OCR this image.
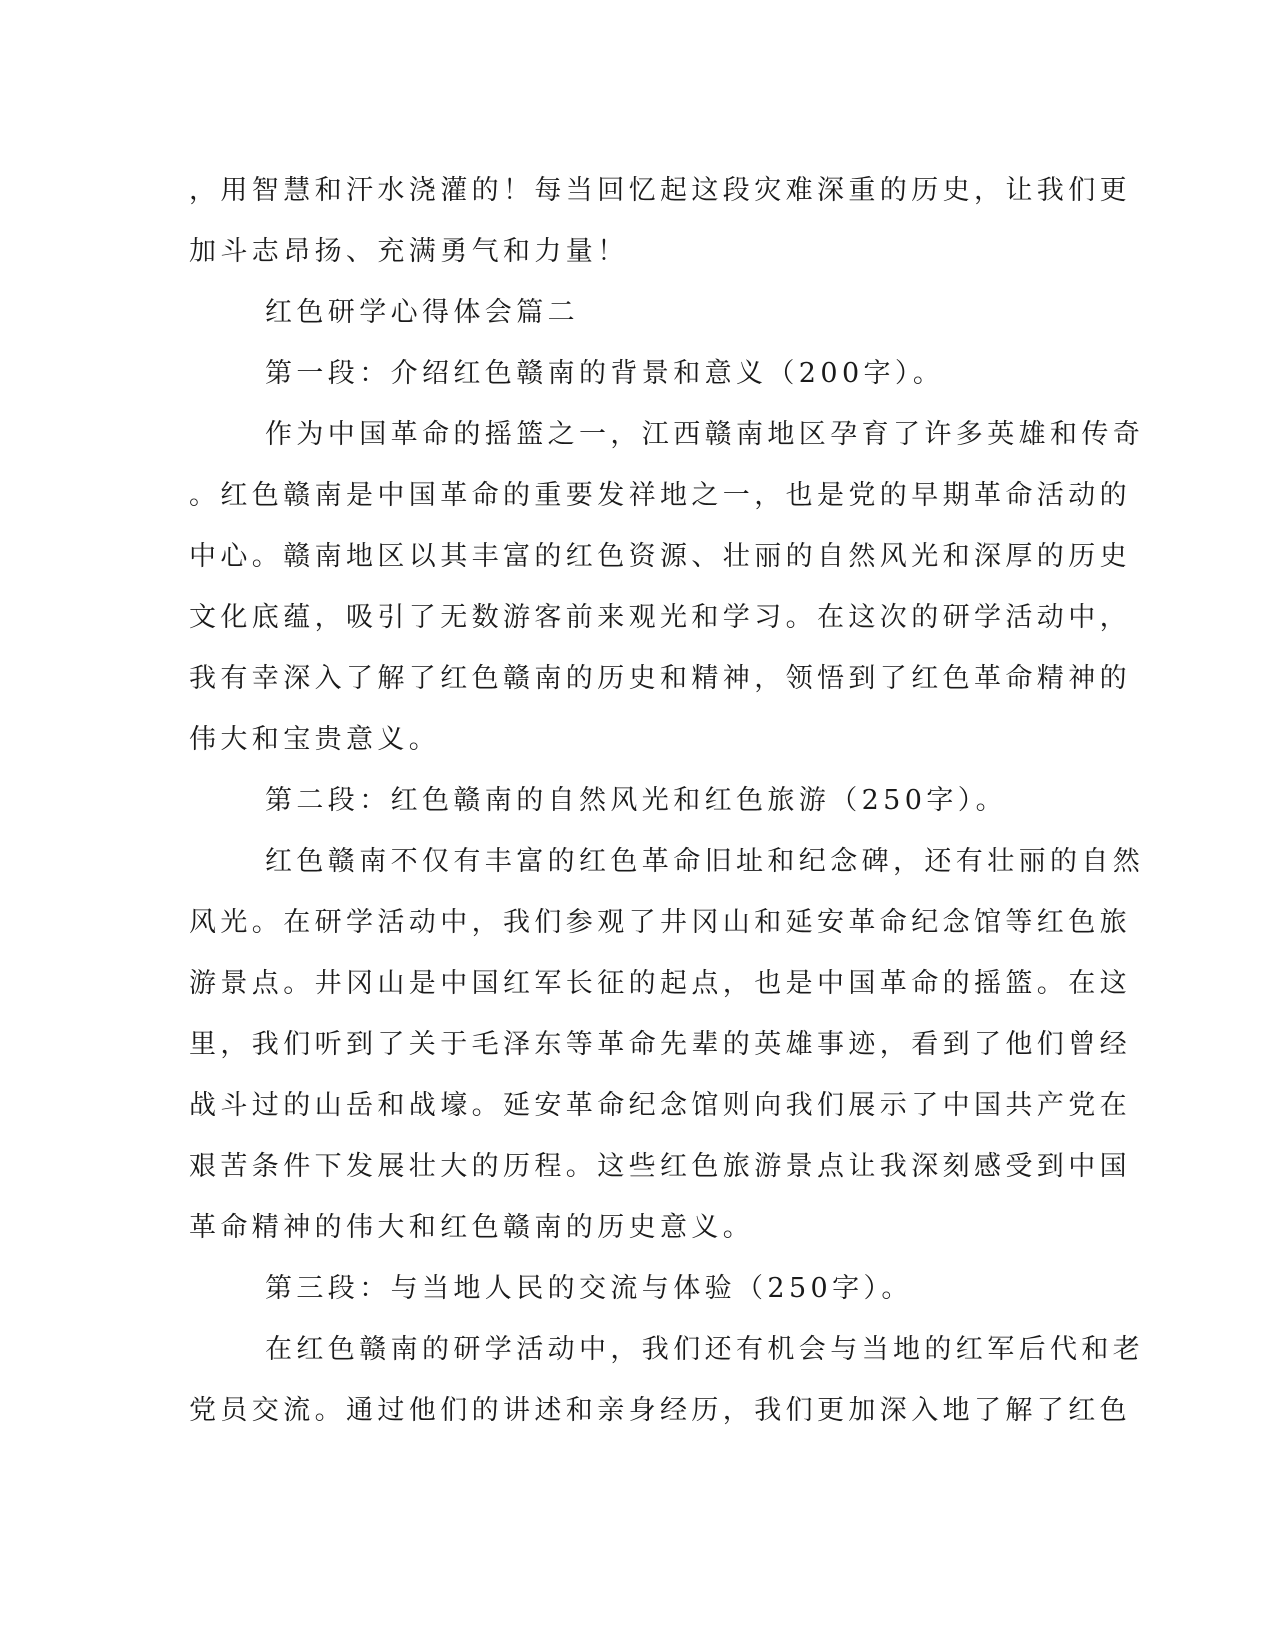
，用智慧和汗水浇灌的！每当回忆起这段灾难深重的历史，让我们更
加斗志昂扬、充满勇气和力量！
红色研学心得体会篇二
第一段：介绍红色赣南的背景和意义（200字）。
作为中国革命的摇篮之一，江西赣南地区孕育了许多英雄和传奇
。红色赣南是中国革命的重要发祥地之一，也是党的早期革命活动的
中心。赣南地区以其丰富的红色资源、壮丽的自然风光和深厚的历史
文化底蕴，吸引了无数游客前来观光和学习。在这次的研学活动中，
我有幸深入了解了红色赣南的历史和精神，领悟到了红色革命精神的
伟大和宝贵意义。
第二段：红色赣南的自然风光和红色旅游（250字）。
红色赣南不仅有丰富的红色革命旧址和纪念碑，还有壮丽的自然
风光。在研学活动中，我们参观了井冈山和延安革命纪念馆等红色旅
游景点。井冈山是中国红军长征的起点，也是中国革命的摇篮。在这
里，我们听到了关于毛泽东等革命先辈的英雄事迹，看到了他们曾经
战斗过的山岳和战壕。延安革命纪念馆则向我们展示了中国共产党在
艰苦条件下发展壮大的历程。这些红色旅游景点让我深刻感受到中国
革命精神的伟大和红色赣南的历史意义。
第三段：与当地人民的交流与体验（250字）。
在红色赣南的研学活动中，我们还有机会与当地的红军后代和老
党员交流。通过他们的讲述和亲身经历，我们更加深入地了解了红色
